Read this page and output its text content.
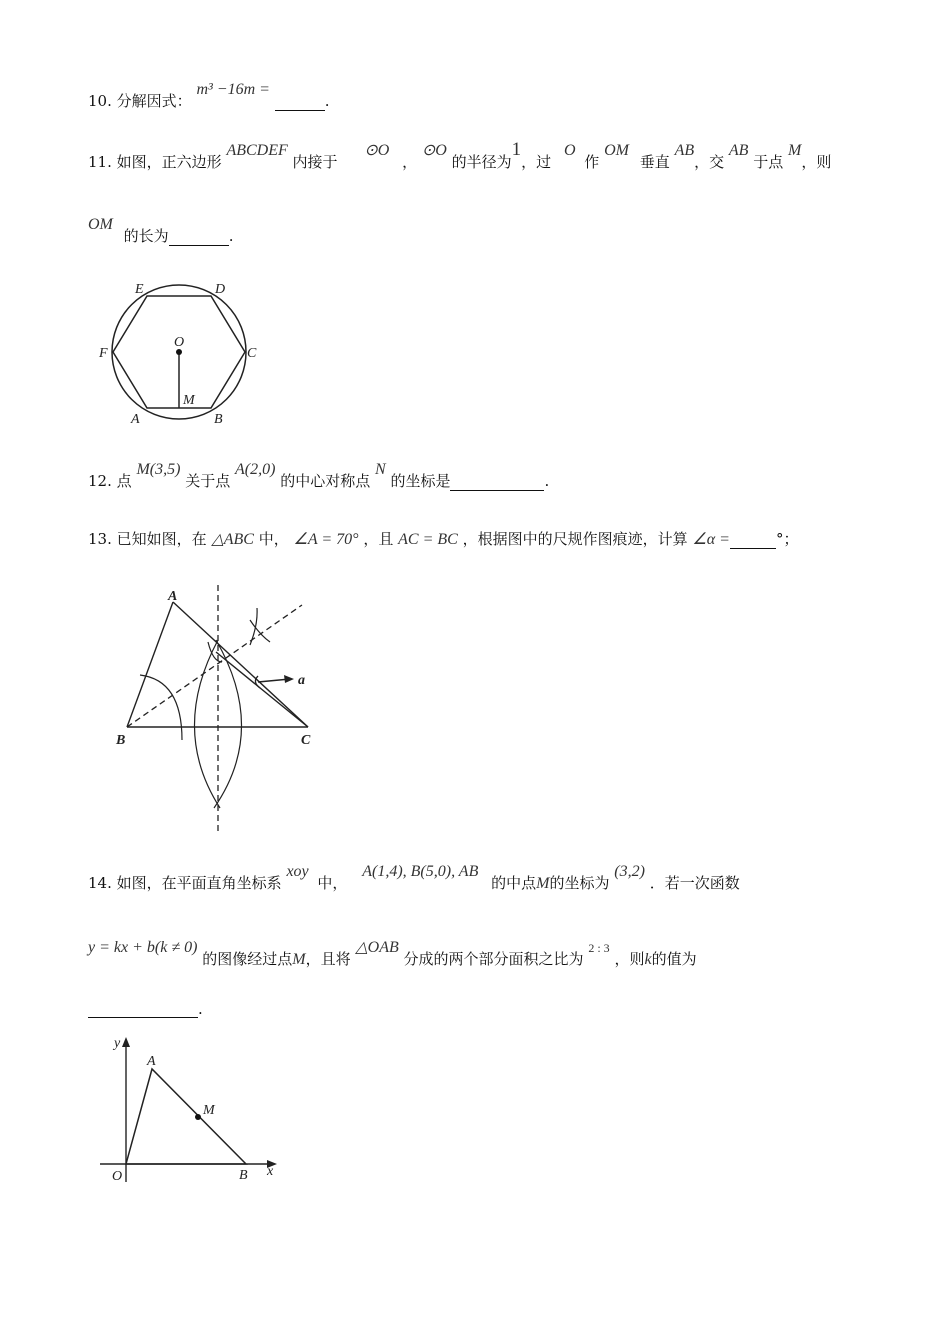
10. 分解因式： m³ −16m = .
11. 如图，正六边形 ABCDEF 内接于 ⊙O ， ⊙O 的半径为1，过 O 作 OM 垂直 AB，交 AB 于点 M，则
OM 的长为	.
E	D
F	C
O
M
A	B
12. 点 M(3,5) 关于点 A(2,0) 的中心对称点 N 的坐标是	.
13. 已知如图，在 △ABC 中， ∠A = 70° ，且 AC = BC ，根据图中的尺规作图痕迹，计算 ∠α =	°；
A
B	C
a
14. 如图，在平面直角坐标系 xoy 中， A(1,4), B(5,0), AB 的中点M的坐标为 (3,2) ．若一次函数
y = kx + b(k ≠ 0) 的图像经过点M，且将 △OAB 分成的两个部分面积之比为 $^{2 : 3}$ ，则k的值为
.
y
A
M
O	B x
